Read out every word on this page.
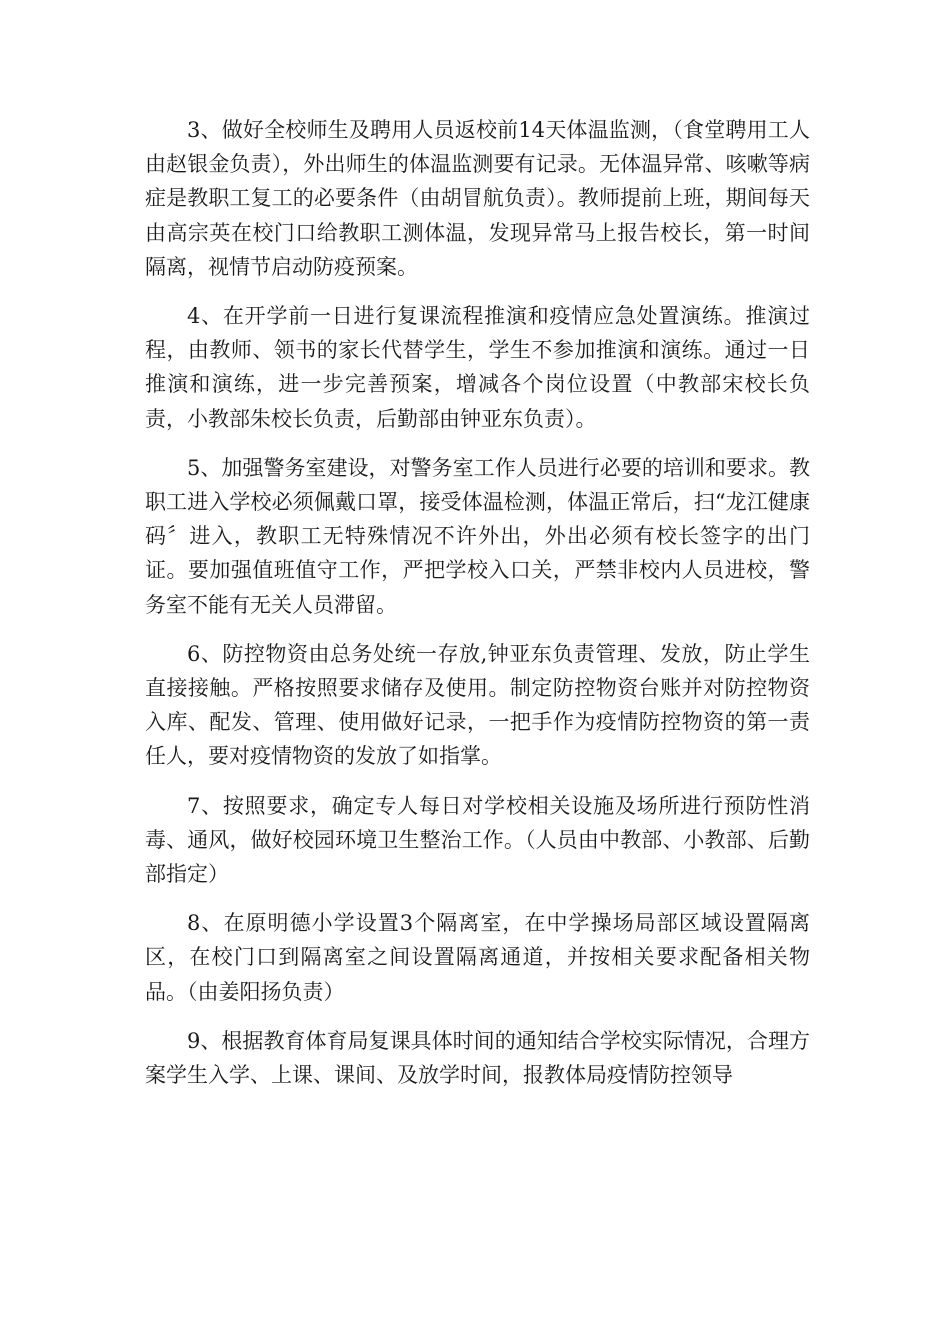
3、做好全校师生及聘用人员返校前14天体温监测，（食堂聘用工人由赵银金负责），外出师生的体温监测要有记录。无体温异常、咳嗽等病症是教职工复工的必要条件（由胡冒航负责）。教师提前上班，期间每天由高宗英在校门口给教职工测体温，发现异常马上报告校长，第一时间隔离，视情节启动防疫预案。

4、在开学前一日进行复课流程推演和疫情应急处置演练。推演过程，由教师、领书的家长代替学生，学生不参加推演和演练。通过一日推演和演练，进一步完善预案，增减各个岗位设置（中教部宋校长负责，小教部朱校长负责，后勤部由钟亚东负责）。

5、加强警务室建设，对警务室工作人员进行必要的培训和要求。教职工进入学校必须佩戴口罩，接受体温检测，体温正常后，扫“龙江健康码〞进入，教职工无特殊情况不许外出，外出必须有校长签字的出门证。要加强值班值守工作，严把学校入口关，严禁非校内人员进校，警务室不能有无关人员滞留。

6、防控物资由总务处统一存放,钟亚东负责管理、发放，防止学生直接接触。严格按照要求储存及使用。制定防控物资台账并对防控物资入库、配发、管理、使用做好记录，一把手作为疫情防控物资的第一责任人，要对疫情物资的发放了如指掌。

7、按照要求，确定专人每日对学校相关设施及场所进行预防性消毒、通风，做好校园环境卫生整治工作。（人员由中教部、小教部、后勤部指定）

8、在原明德小学设置3个隔离室，在中学操场局部区域设置隔离区，在校门口到隔离室之间设置隔离通道，并按相关要求配备相关物品。（由姜阳扬负责）

9、根据教育体育局复课具体时间的通知结合学校实际情况，合理方案学生入学、上课、课间、及放学时间，报教体局疫情防控领导
